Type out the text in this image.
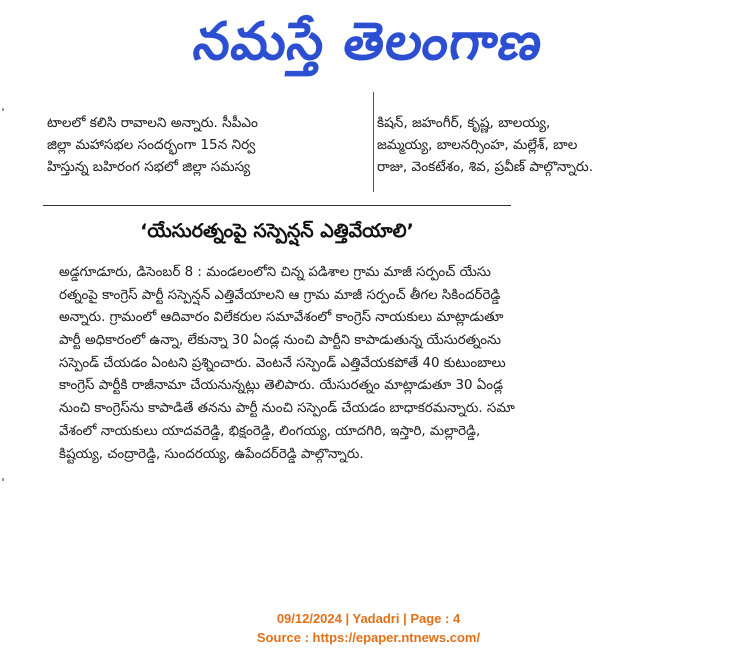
నమస్తే తెలంగాణ

టాలలో కలిసి రావాలని అన్నారు. సీపీఎం
జిల్లా మహాసభల సందర్భంగా 15న నిర్వ
హిస్తున్న బహిరంగ సభలో జిల్లా సమస్య

కిషన్, జహంగీర్, కృష్ణ, బాలయ్య,
జమ్మయ్య, బాలనర్సింహ, మల్లేశ్, బాల
రాజు, వెంకటేశం, శివ, ప్రవీణ్ పాల్గొన్నారు.
‘యేసురత్నంపై సస్పెన్షన్ ఎత్తివేయాలి’
అడ్డగూడూరు, డిసెంబర్ 8 : మండలంలోని చిన్న పడిశాల గ్రామ మాజీ సర్పంచ్ యేసు
రత్నంపై కాంగ్రెస్ పార్టీ సస్పెన్షన్ ఎత్తివేయాలని ఆ గ్రామ మాజీ సర్పంచ్ తీగల సికిందర్‌రెడ్డి
అన్నారు. గ్రామంలో ఆదివారం విలేకరుల సమావేశంలో కాంగ్రెస్ నాయకులు మాట్లాడుతూ
పార్టీ అధికారంలో ఉన్నా, లేకున్నా 30 ఏండ్ల నుంచి పార్టీని కాపాడుతున్న యేసురత్నంను
సస్పెండ్ చేయడం ఏంటని ప్రశ్నించారు. వెంటనే సస్పెండ్ ఎత్తివేయకపోతే 40 కుటుంబాలు
కాంగ్రెస్ పార్టీకి రాజీనామా చేయనున్నట్లు తెలిపారు. యేసురత్నం మాట్లాడుతూ 30 ఏండ్ల
నుంచి కాంగ్రెస్‌ను కాపాడితే తనను పార్టీ నుంచి సస్పెండ్ చేయడం బాధాకరమన్నారు. సమా
వేశంలో నాయకులు యాదవరెడ్డి, భిక్షంరెడ్డి, లింగయ్య, యాదగిరి, ఇస్తారి, మల్లారెడ్డి,
కిష్టయ్య, చంద్రారెడ్డి, సుందరయ్య, ఉపేందర్‌రెడ్డి పాల్గొన్నారు.
09/12/2024 | Yadadri | Page : 4
Source : https://epaper.ntnews.com/
